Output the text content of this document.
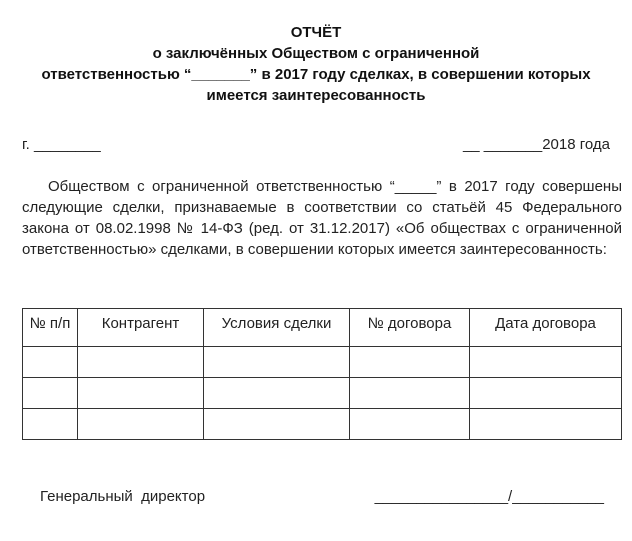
ОТЧЁТ
о заключённых Обществом с ограниченной
ответственностью “_______” в 2017 году сделках, в совершении которых
имеется заинтересованность
г. ________	__ _______2018 года
Обществом с ограниченной ответственностью “_____” в 2017 году совершены следующие сделки, признаваемые в соответствии со статьёй 45 Федерального закона от 08.02.1998 № 14-ФЗ (ред. от 31.12.2017) «Об обществах с ограниченной ответственностью» сделками, в совершении которых имеется заинтересованность:
№ п/п	Контрагент	Условия сделки	№ договора	Дата договора

Генеральный  директор	________________/___________
